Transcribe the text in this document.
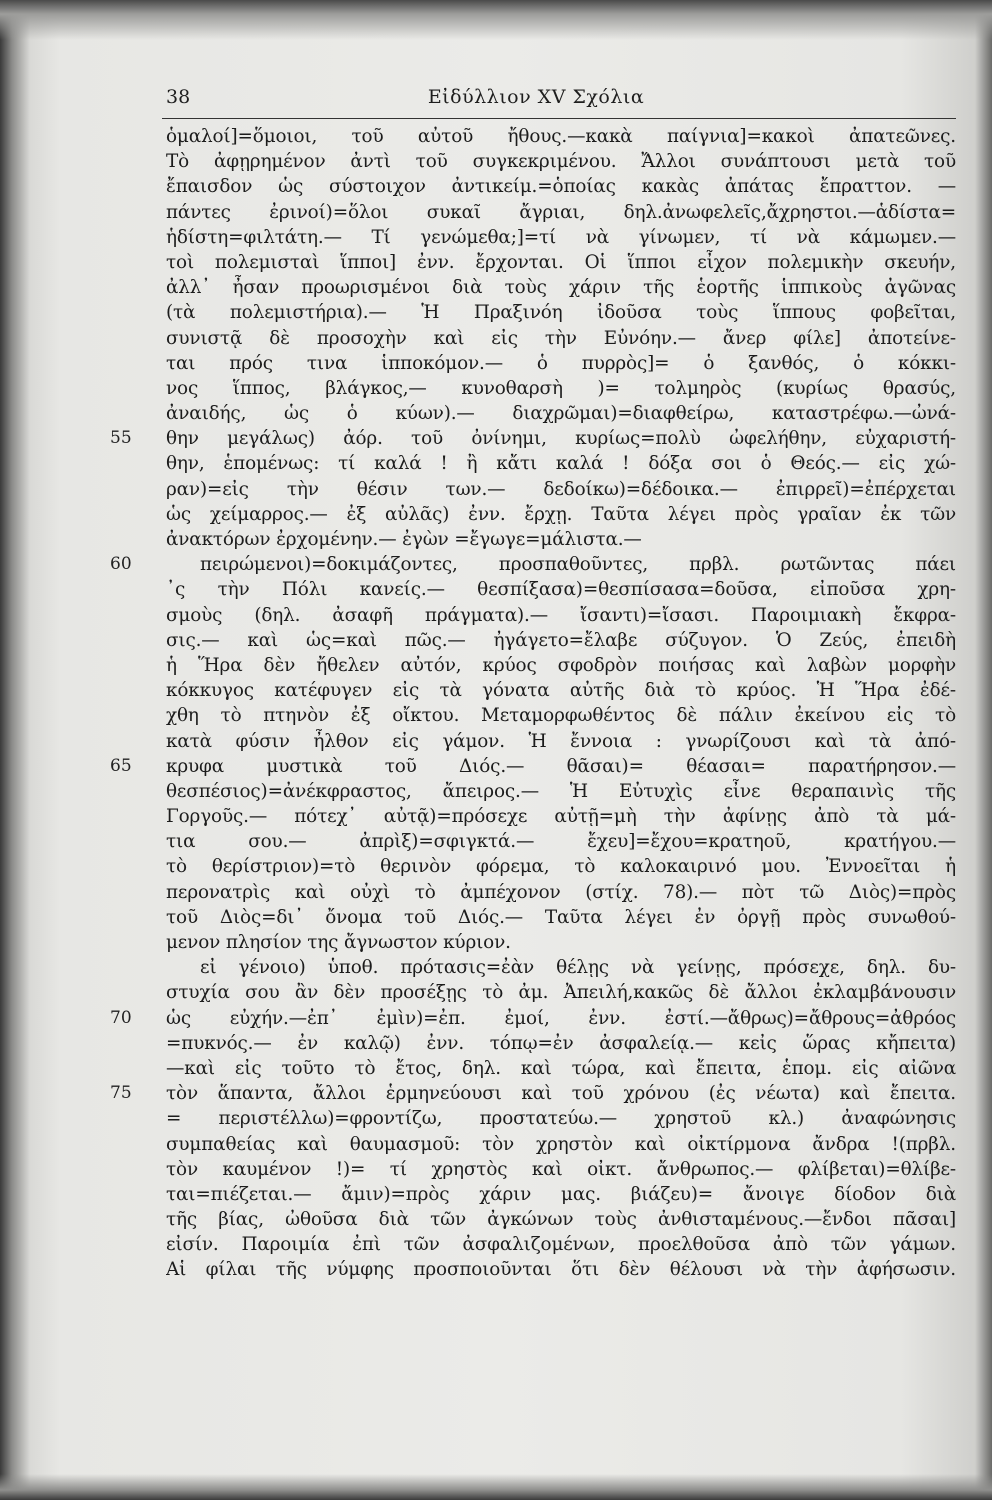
38	Εἰδύλλιον XV Σχόλια
ὁμαλοί]=ὅμοιοι, τοῦ αὐτοῦ ἤθους.—κακὰ παίγνια]=κακοὶ ἀπατεῶνες.
Τὸ ἀφῃρημένον ἀντὶ τοῦ συγκεκριμένου. Ἄλλοι συνάπτουσι μετὰ τοῦ
ἔπαισδον ὡς σύστοιχον ἀντικείμ.=ὁποίας κακὰς ἀπάτας ἔπραττον. —
πάντες ἐρινοί)=ὅλοι συκαῖ ἄγριαι, δηλ.ἀνωφελεῖς,ἄχρηστοι.—ἁδίστα=
ἡδίστη=φιλτάτη.— Τί γενώμεθα;]=τί νὰ γίνωμεν, τί νὰ κάμωμεν.—
τοὶ πολεμισταὶ ἵπποι] ἐνν. ἔρχονται. Οἱ ἵπποι εἶχον πολεμικὴν σκευήν,
ἀλλ᾽ ἦσαν προωρισμένοι διὰ τοὺς χάριν τῆς ἑορτῆς ἱππικοὺς ἀγῶνας
(τὰ πολεμιστήρια).— Ἡ Πραξινόη ἰδοῦσα τοὺς ἵππους φοβεῖται,
συνιστᾷ δὲ προσοχὴν καὶ εἰς τὴν Εὐνόην.— ἄνερ φίλε] ἀποτείνε-
ται πρός τινα ἱπποκόμον.— ὁ πυρρὸς]= ὁ ξανθός, ὁ κόκκι-
νος ἵππος, βλάγκος,— κυνοθαρσὴ )= τολμηρὸς (κυρίως θρασύς,
ἀναιδής, ὡς ὁ κύων).— διαχρῶμαι)=διαφθείρω, καταστρέφω.—ὠνά-
55	θην μεγάλως) ἀόρ. τοῦ ὀνίνημι, κυρίως=πολὺ ὠφελήθην, εὐχαριστή-
θην, ἑπομένως: τί καλά ! ἢ κἄτι καλά ! δόξα σοι ὁ Θεός.— εἰς χώ-
ραν)=εἰς τὴν θέσιν των.— δεδοίκω)=δέδοικα.— ἐπιρρεῖ)=ἐπέρχεται
ὡς χείμαρρος.— ἐξ αὐλᾶς) ἐνν. ἔρχῃ. Ταῦτα λέγει πρὸς γραῖαν ἐκ τῶν
ἀνακτόρων ἐρχομένην.— ἐγὼν =ἔγωγε=μάλιστα.—
60	πειρώμενοι)=δοκιμάζοντες, προσπαθοῦντες, πρβλ. ρωτῶντας πάει
᾽ς τὴν Πόλι κανείς.— θεσπίξασα)=θεσπίσασα=δοῦσα, εἰποῦσα χρη-
σμοὺς (δηλ. ἀσαφῆ πράγματα).— ἴσαντι)=ἴσασι. Παροιμιακὴ ἔκφρα-
σις.— καὶ ὡς=καὶ πῶς.— ἠγάγετο=ἔλαβε σύζυγον. Ὁ Ζεύς, ἐπειδὴ
ἡ Ἥρα δὲν ἤθελεν αὐτόν, κρύος σφοδρὸν ποιήσας καὶ λαβὼν μορφὴν
κόκκυγος κατέφυγεν εἰς τὰ γόνατα αὐτῆς διὰ τὸ κρύος. Ἡ Ἥρα ἐδέ-
χθη τὸ πτηνὸν ἐξ οἴκτου. Μεταμορφωθέντος δὲ πάλιν ἐκείνου εἰς τὸ
κατὰ φύσιν ἦλθον εἰς γάμον. Ἡ ἔννοια : γνωρίζουσι καὶ τὰ ἀπό-
65	κρυφα μυστικὰ τοῦ Διός.— θᾶσαι)= θέασαι= παρατήρησον.—
θεσπέσιος)=ἀνέκφραστος, ἄπειρος.— Ἡ Εὐτυχὶς εἶνε θεραπαινὶς τῆς
Γοργοῦς.— πότεχ᾽ αὐτᾷ)=πρόσεχε αὐτῇ=μὴ τὴν ἀφίνῃς ἀπὸ τὰ μά-
τια σου.— ἀπρὶξ)=σφιγκτά.— ἔχευ]=ἔχου=κρατηοῦ, κρατήγου.—
τὸ θερίστριον)=τὸ θερινὸν φόρεμα, τὸ καλοκαιρινό μου. Ἐννοεῖται ἡ
περονατρὶς καὶ οὐχὶ τὸ ἀμπέχονον (στίχ. 78).— πὸτ τῶ Διὸς)=πρὸς
τοῦ Διὸς=δι᾽ ὄνομα τοῦ Διός.— Ταῦτα λέγει ἐν ὀργῇ πρὸς συνωθού-
μενον πλησίον της ἄγνωστον κύριον.
εἰ γένοιο) ὑποθ. πρότασις=ἐὰν θέλῃς νὰ γείνῃς, πρόσεχε, δηλ. δυ-
στυχία σου ἂν δὲν προσέξῃς τὸ ἀμ. Ἀπειλή,κακῶς δὲ ἄλλοι ἐκλαμβάνουσιν
70	ὡς εὐχήν.—ἐπ᾽ ἐμὶν)=ἐπ. ἐμοί, ἐνν. ἐστί.—ἄθρως)=ἄθρους=ἀθρόος
=πυκνός.— ἐν καλῷ) ἐνν. τόπῳ=ἐν ἀσφαλείᾳ.— κεἰς ὥρας κἤπειτα)
—καὶ εἰς τοῦτο τὸ ἔτος, δηλ. καὶ τώρα, καὶ ἔπειτα, ἑπομ. εἰς αἰῶνα
75	τὸν ἅπαντα, ἄλλοι ἑρμηνεύουσι καὶ τοῦ χρόνου (ἐς νέωτα) καὶ ἔπειτα.
= περιστέλλω)=φροντίζω, προστατεύω.— χρηστοῦ κλ.) ἀναφώνησις
συμπαθείας καὶ θαυμασμοῦ: τὸν χρηστὸν καὶ οἰκτίρμονα ἄνδρα !(πρβλ.
τὸν καυμένον !)= τί χρηστὸς καὶ οἰκτ. ἄνθρωπος.— φλίβεται)=θλίβε-
ται=πιέζεται.— ἄμιν)=πρὸς χάριν μας. βιάζευ)= ἄνοιγε δίοδον διὰ
τῆς βίας, ὠθοῦσα διὰ τῶν ἀγκώνων τοὺς ἀνθισταμένους.—ἔνδοι πᾶσαι]
εἰσίν. Παροιμία ἐπὶ τῶν ἀσφαλιζομένων, προελθοῦσα ἀπὸ τῶν γάμων.
Αἱ φίλαι τῆς νύμφης προσποιοῦνται ὅτι δὲν θέλουσι νὰ τὴν ἀφήσωσιν.
